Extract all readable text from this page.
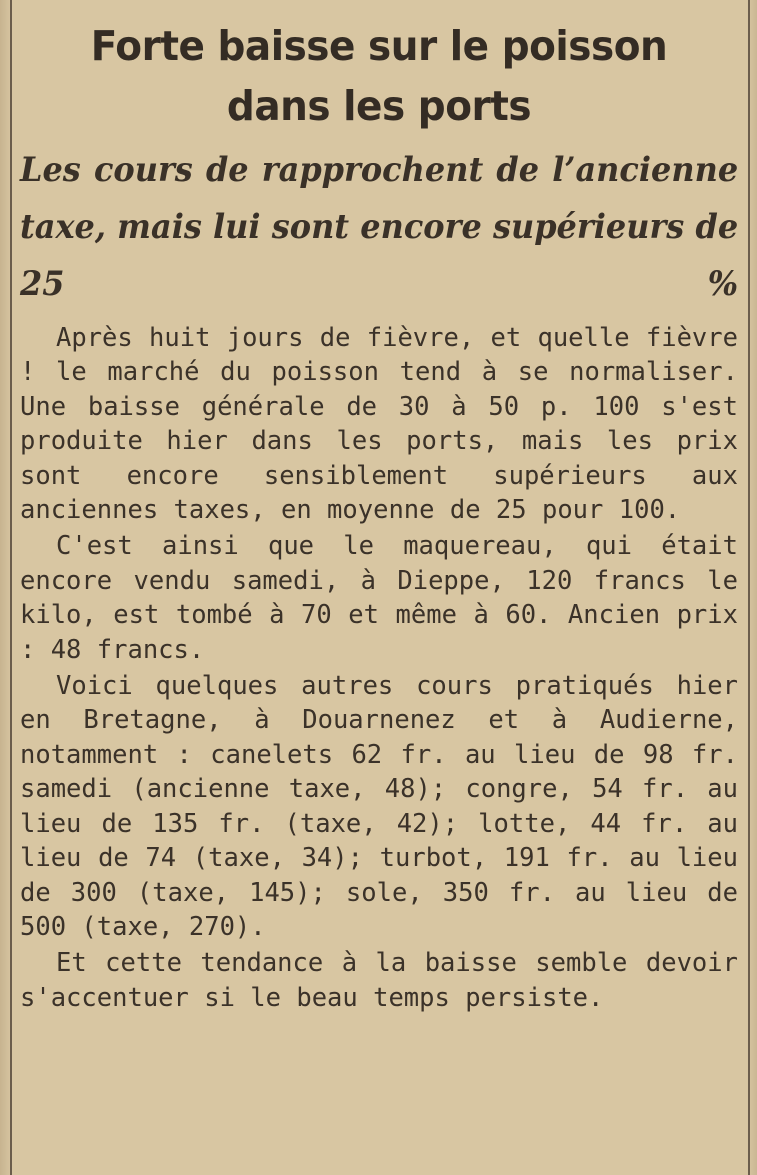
Forte baisse sur le poisson dans les ports
Les cours de rapprochent de l’ancienne taxe, mais lui sont encore supérieurs de 25 %

Après huit jours de fièvre, et quelle fièvre ! le marché du poisson tend à se normaliser. Une baisse générale de 30 à 50 p. 100 s'est produite hier dans les ports, mais les prix sont encore sensiblement supérieurs aux anciennes taxes, en moyenne de 25 pour 100.

C'est ainsi que le maquereau, qui était encore vendu samedi, à Dieppe, 120 francs le kilo, est tombé à 70 et même à 60. Ancien prix : 48 francs.

Voici quelques autres cours pratiqués hier en Bretagne, à Douarnenez et à Audierne, notamment : canelets 62 fr. au lieu de 98 fr. samedi (ancienne taxe, 48); congre, 54 fr. au lieu de 135 fr. (taxe, 42); lotte, 44 fr. au lieu de 74 (taxe, 34); turbot, 191 fr. au lieu de 300 (taxe, 145); sole, 350 fr. au lieu de 500 (taxe, 270).

Et cette tendance à la baisse semble devoir s'accentuer si le beau temps persiste.
